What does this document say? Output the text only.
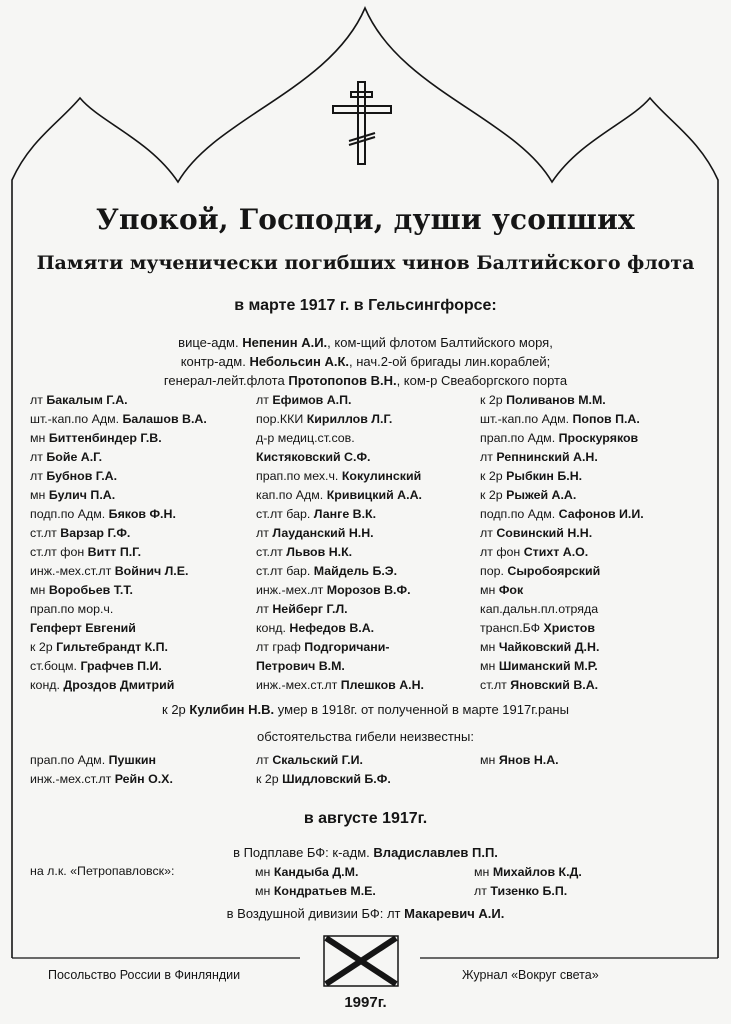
Упокой, Господи, души усопших
Памяти мученически погибших чинов Балтийского флота
в марте 1917 г. в Гельсингфорсе:
вице-адм. Непенин А.И., ком-щий флотом Балтийского моря,
контр-адм. Небольсин А.К., нач.2-ой бригады лин.кораблей;
генерал-лейт.флота Протопопов В.Н., ком-р Свеаборгского порта
лт Бакалым Г.А.
шт.-кап.по Адм. Балашов В.А.
мн Биттенбиндер Г.В.
лт Бойе А.Г.
лт Бубнов Г.А.
мн Булич П.А.
подп.по Адм. Бяков Ф.Н.
ст.лт Варзар Г.Ф.
ст.лт фон Витт П.Г.
инж.-мех.ст.лт Войнич Л.Е.
мн Воробьев Т.Т.
прап.по мор.ч.
Гепферт Евгений
к 2р Гильтебрандт К.П.
ст.боцм. Графчев П.И.
конд. Дроздов Дмитрий
лт Ефимов А.П.
пор.ККИ Кириллов Л.Г.
д-р медиц.ст.сов.
Кистяковский С.Ф.
прап.по мех.ч. Кокулинский
кап.по Адм. Кривицкий А.А.
ст.лт бар. Ланге В.К.
лт Лауданский Н.Н.
ст.лт Львов Н.К.
ст.лт бар. Майдель Б.Э.
инж.-мех.лт Морозов В.Ф.
лт Нейберг Г.Л.
конд. Нефедов В.А.
лт граф Подгоричани-
Петрович В.М.
инж.-мех.ст.лт Плешков А.Н.
к 2р Поливанов М.М.
шт.-кап.по Адм. Попов П.А.
прап.по Адм. Проскуряков
лт Репнинский А.Н.
к 2р Рыбкин Б.Н.
к 2р Рыжей А.А.
подп.по Адм. Сафонов И.И.
лт Совинский Н.Н.
лт фон Стихт А.О.
пор. Сыробоярский
мн Фок
кап.дальн.пл.отряда
трансп.БФ Христов
мн Чайковский Д.Н.
мн Шиманский М.Р.
ст.лт Яновский В.А.
к 2р Кулибин Н.В. умер в 1918г. от полученной в марте 1917г.раны
обстоятельства гибели неизвестны:
прап.по Адм. Пушкин
инж.-мех.ст.лт Рейн О.Х.
лт Скальский Г.И.
к 2р Шидловский Б.Ф.
мн Янов Н.А.
в августе 1917г.
в Подплаве БФ: к-адм. Владиславлев П.П.
на л.к. «Петропавловск»:	мн Кандыба Д.М.
мн Кондратьев М.Е.
мн Михайлов К.Д.
лт Тизенко Б.П.
в Воздушной дивизии БФ: лт Макаревич А.И.
Посольство России в Финляндии	Журнал «Вокруг света»
1997г.
